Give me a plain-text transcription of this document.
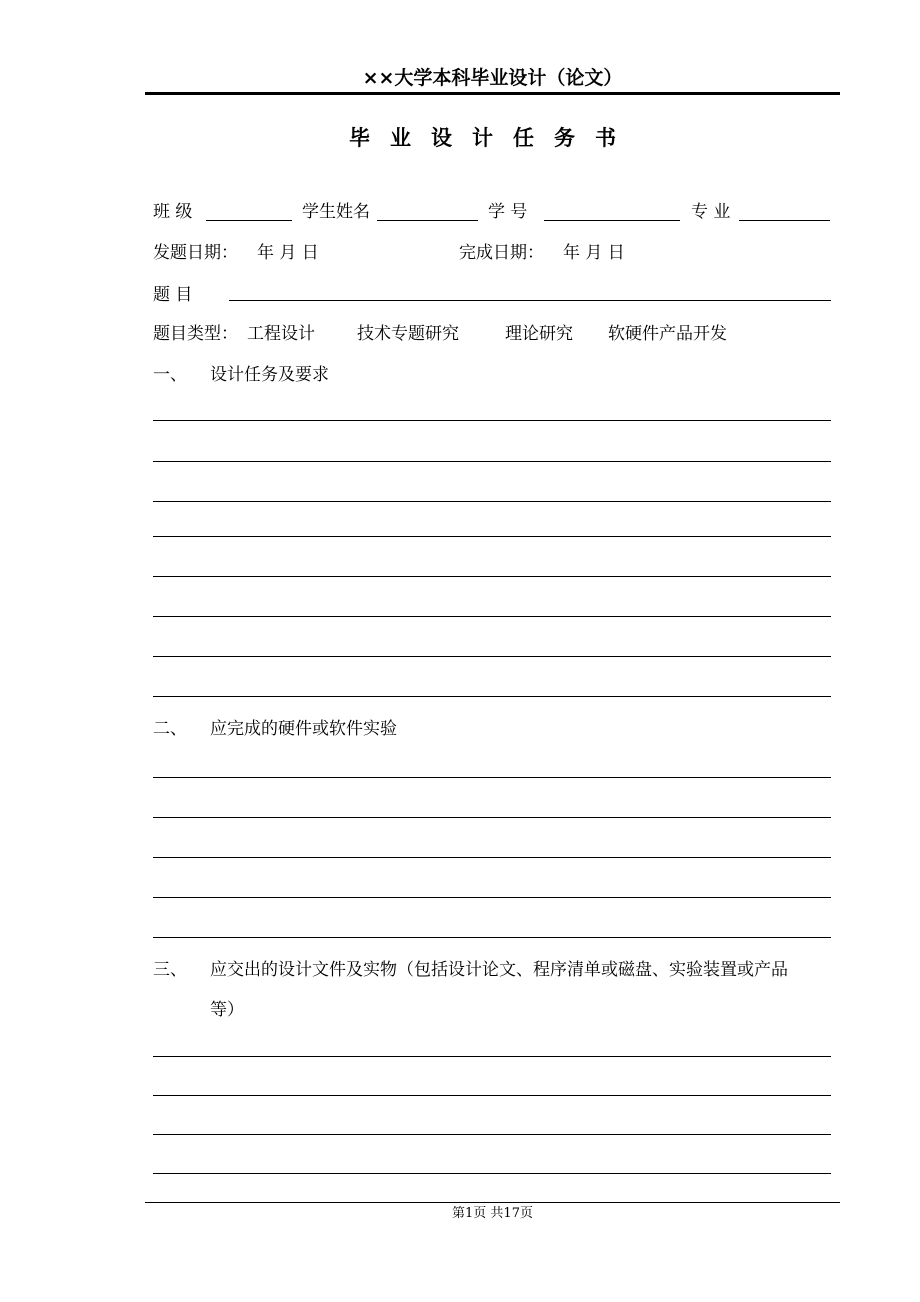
××大学本科毕业设计（论文）
毕业设计任务书
班 级	学生姓名	学 号	专 业
发题日期： 年 月 日	完成日期： 年 月 日
题 目
题目类型： 工程设计 技术专题研究	理论研究 软硬件产品开发
一、 设计任务及要求
二、 应完成的硬件或软件实验
三、 应交出的设计文件及实物（包括设计论文、程序清单或磁盘、实验装置或产品
等）
第1页 共17页
